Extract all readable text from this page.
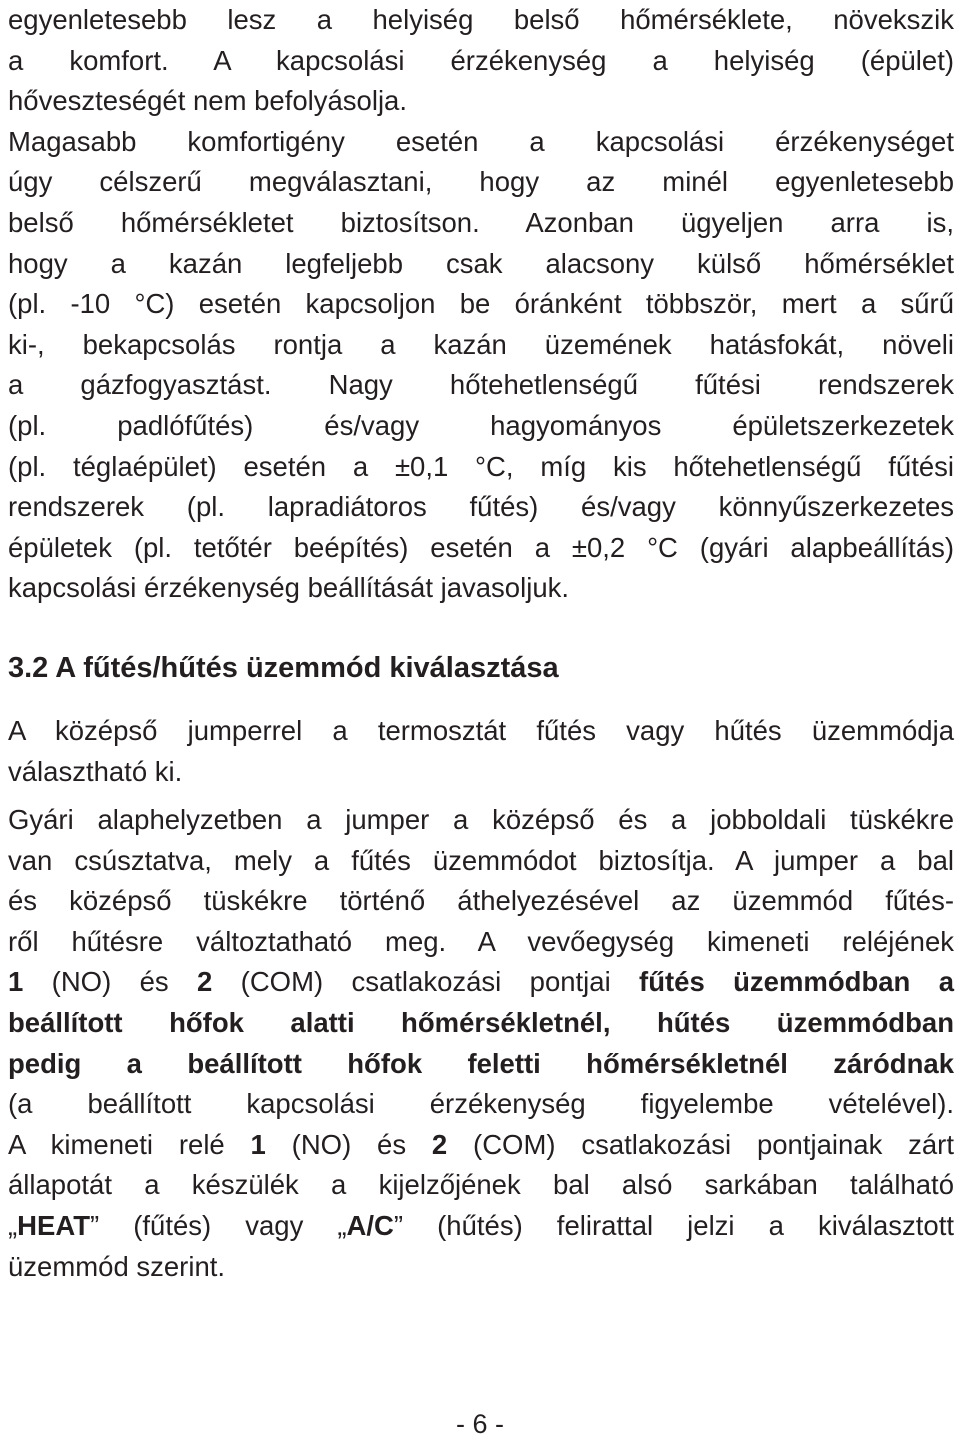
egyenletesebb lesz a helyiség belső hőmérséklete, növekszik
a komfort. A kapcsolási érzékenység a helyiség (épület)
hőveszteségét nem befolyásolja.
Magasabb komfortigény esetén a kapcsolási érzékenységet
úgy célszerű megválasztani, hogy az minél egyenletesebb
belső hőmérsékletet biztosítson. Azonban ügyeljen arra is,
hogy a kazán legfeljebb csak alacsony külső hőmérséklet
(pl. -10 °C) esetén kapcsoljon be óránként többször, mert a sűrű
ki-, bekapcsolás rontja a kazán üzemének hatásfokát, növeli
a gázfogyasztást. Nagy hőtehetlenségű fűtési rendszerek
(pl. padlófűtés) és/vagy hagyományos épületszerkezetek
(pl. téglaépület) esetén a ±0,1 °C, míg kis hőtehetlenségű fűtési
rendszerek (pl. lapradiátoros fűtés) és/vagy könnyűszerkezetes
épületek (pl. tetőtér beépítés) esetén a ±0,2 °C (gyári alapbeállítás)
kapcsolási érzékenység beállítását javasoljuk.
3.2 A fűtés/hűtés üzemmód kiválasztása
A középső jumperrel a termosztát fűtés vagy hűtés üzemmódja
választható ki.
Gyári alaphelyzetben a jumper a középső és a jobboldali tüskékre
van csúsztatva, mely a fűtés üzemmódot biztosítja. A jumper a bal
és középső tüskékre történő áthelyezésével az üzemmód fűtés-
ről hűtésre változtatható meg. A vevőegység kimeneti reléjének
1 (NO) és 2 (COM) csatlakozási pontjai fűtés üzemmódban a
beállított hőfok alatti hőmérsékletnél, hűtés üzemmódban
pedig a beállított hőfok feletti hőmérsékletnél záródnak
(a beállított kapcsolási érzékenység figyelembe vételével).
A kimeneti relé 1 (NO) és 2 (COM) csatlakozási pontjainak zárt
állapotát a készülék a kijelzőjének bal alsó sarkában található
„HEAT” (fűtés) vagy „A/C” (hűtés) felirattal jelzi a kiválasztott
üzemmód szerint.
- 6 -
